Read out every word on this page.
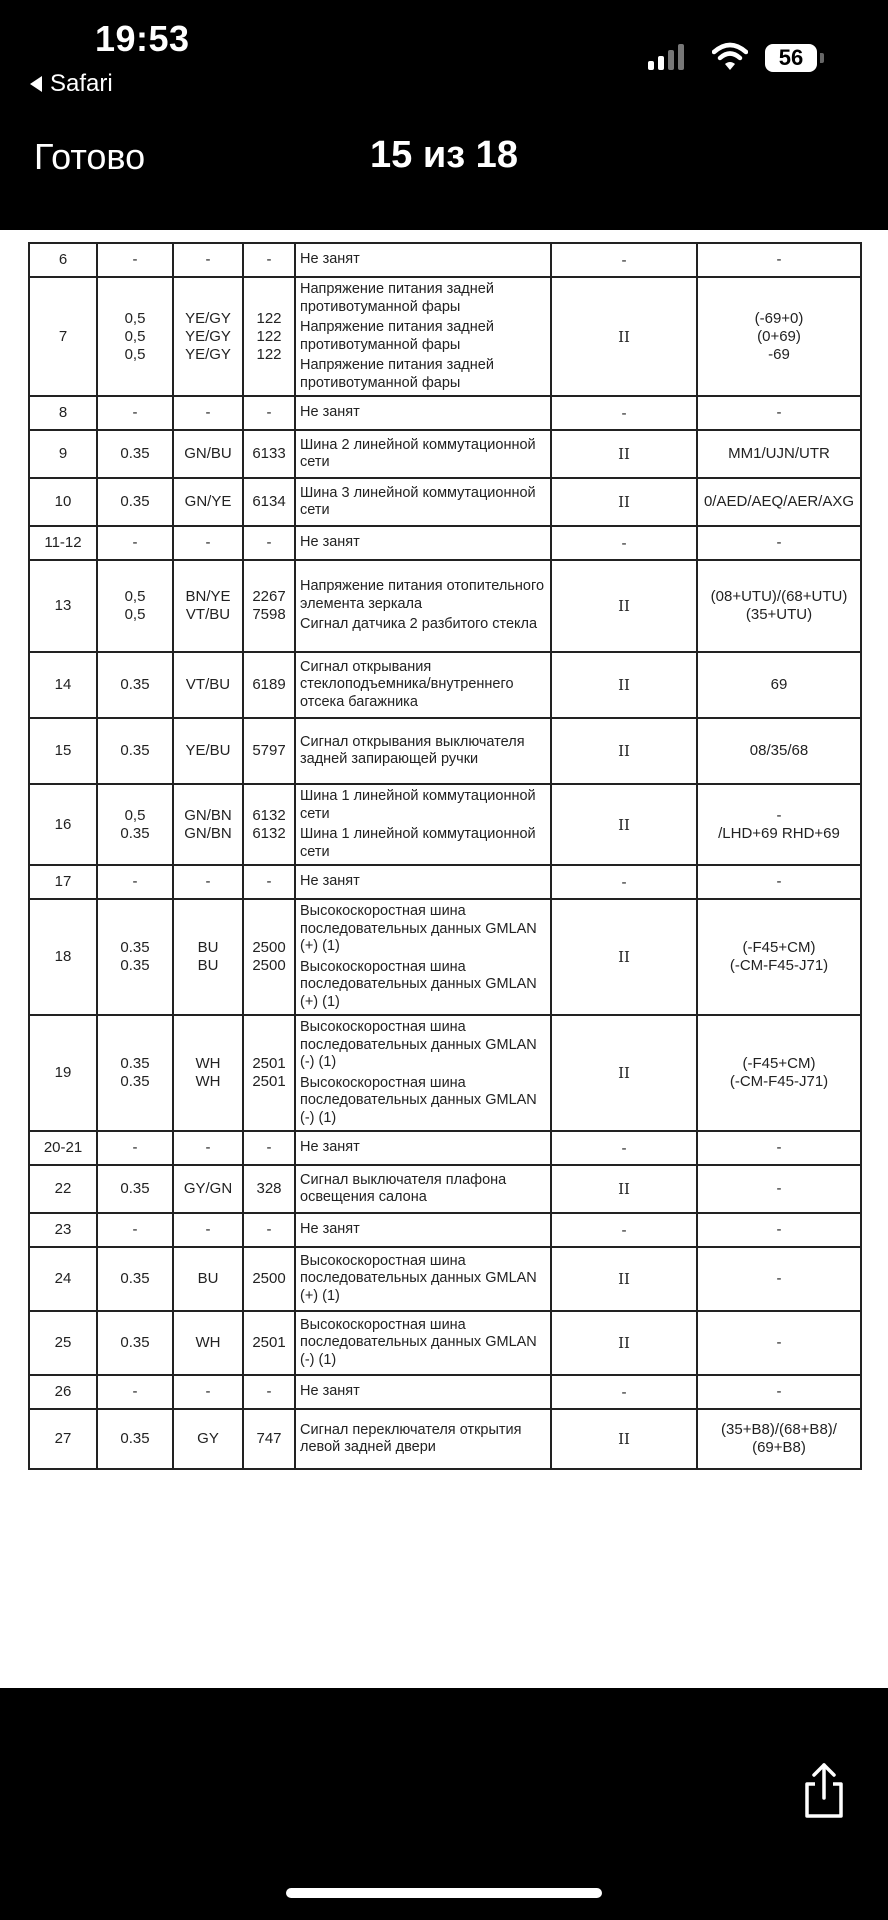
19:53
Safari
56
Готово	15 из 18
6	-	-	-	Не занят	-	-

7	0,5
0,5
0,5	YE/GY
YE/GY
YE/GY	122
122
122	Напряжение питания задней противотуманной фары
Напряжение питания задней противотуманной фары
Напряжение питания задней противотуманной фары	II	(-69+0)
(0+69)
-69

8	-	-	-	Не занят	-	-

9	0.35	GN/BU	6133	Шина 2 линейной коммутационной сети	II	MM1/UJN/UTR

10	0.35	GN/YE	6134	Шина 3 линейной коммутационной сети	II	0/AED/AEQ/AER/AXG

11-12	-	-	-	Не занят	-	-

13	0,5
0,5	BN/YE
VT/BU	2267
7598	Напряжение питания отопительного элемента зеркала
Сигнал датчика 2 разбитого стекла	II	(08+UTU)/(68+UTU)
(35+UTU)

14	0.35	VT/BU	6189	Сигнал открывания стеклоподъемника/внутреннего отсека багажника	II	69

15	0.35	YE/BU	5797	Сигнал открывания выключателя задней запирающей ручки	II	08/35/68

16	0,5
0.35	GN/BN
GN/BN	6132
6132	Шина 1 линейной коммутационной сети
Шина 1 линейной коммутационной сети	II	-
/LHD+69 RHD+69

17	-	-	-	Не занят	-	-

18	0.35
0.35	BU
BU	2500
2500	Высокоскоростная шина последовательных данных GMLAN (+) (1)
Высокоскоростная шина последовательных данных GMLAN (+) (1)	II	(-F45+CM)
(-CM-F45-J71)

19	0.35
0.35	WH
WH	2501
2501	Высокоскоростная шина последовательных данных GMLAN (-) (1)
Высокоскоростная шина последовательных данных GMLAN (-) (1)	II	(-F45+CM)
(-CM-F45-J71)

20-21	-	-	-	Не занят	-	-

22	0.35	GY/GN	328	Сигнал выключателя плафона освещения салона	II	-

23	-	-	-	Не занят	-	-

24	0.35	BU	2500	Высокоскоростная шина последовательных данных GMLAN (+) (1)	II	-

25	0.35	WH	2501	Высокоскоростная шина последовательных данных GMLAN (-) (1)	II	-

26	-	-	-	Не занят	-	-

27	0.35	GY	747	Сигнал переключателя открытия левой задней двери	II	(35+B8)/(68+B8)/
(69+B8)
